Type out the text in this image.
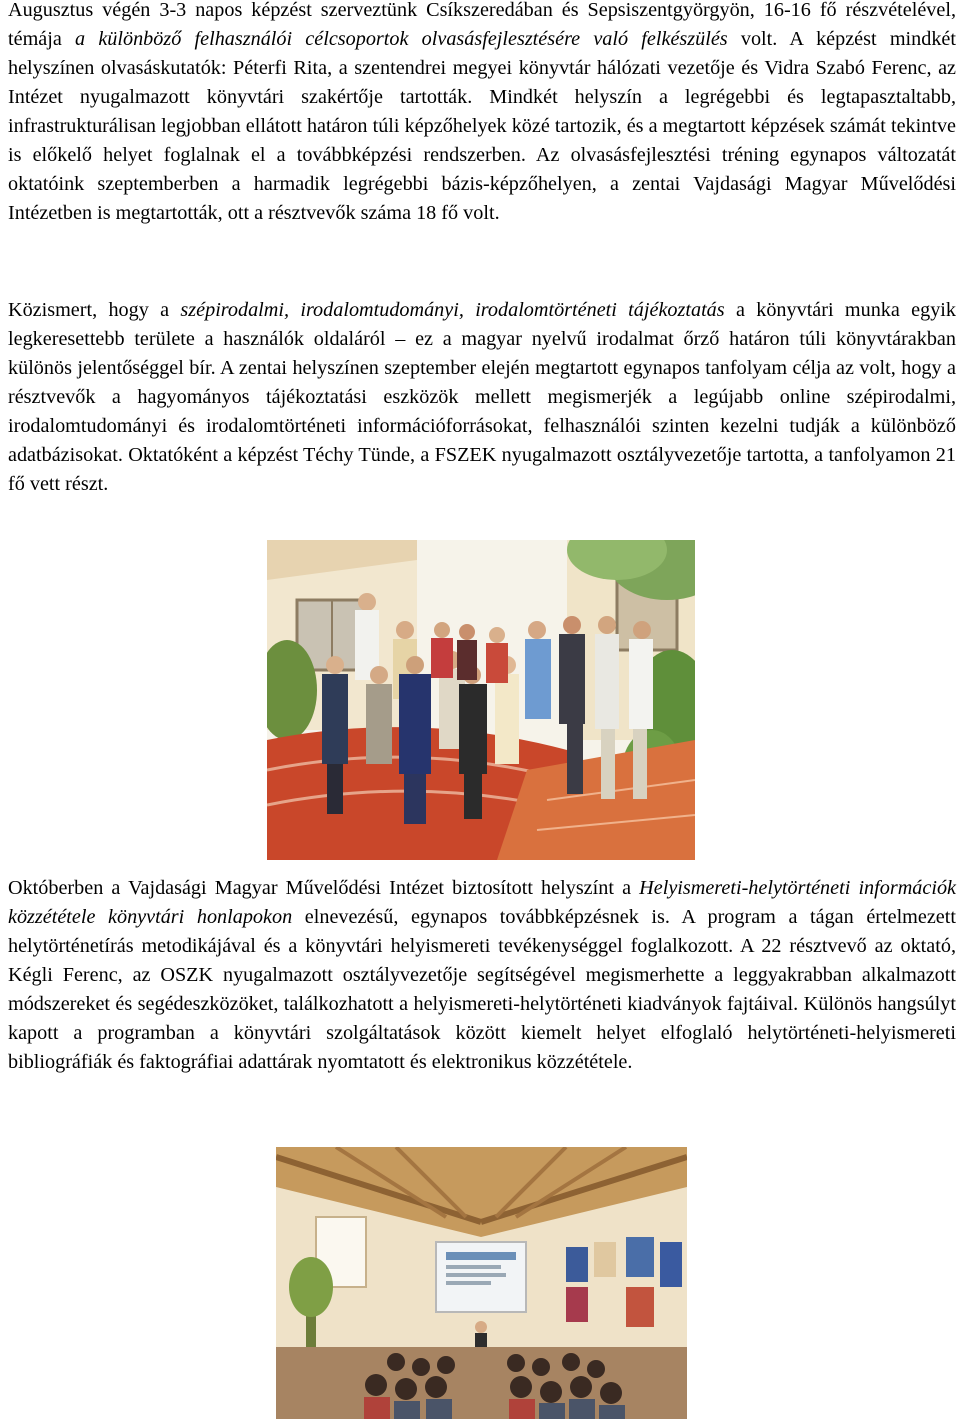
Augusztus végén 3-3 napos képzést szerveztünk Csíkszeredában és Sepsiszentgyörgyön, 16-16 fő részvételével, témája a különböző felhasználói célcsoportok olvasásfejlesztésére való felkészülés volt. A képzést mindkét helyszínen olvasáskutatók: Péterfi Rita, a szentendrei megyei könyvtár hálózati vezetője és Vidra Szabó Ferenc, az Intézet nyugalmazott könyvtári szakértője tartották. Mindkét helyszín a legrégebbi és legtapasztaltabb, infrastrukturálisan legjobban ellátott határon túli képzőhelyek közé tartozik, és a megtartott képzések számát tekintve is előkelő helyet foglalnak el a továbbképzési rendszerben. Az olvasásfejlesztési tréning egynapos változatát oktatóink szeptemberben a harmadik legrégebbi bázis-képzőhelyen, a zentai Vajdasági Magyar Művelődési Intézetben is megtartották, ott a résztvevők száma 18 fő volt.

Közismert, hogy a szépirodalmi, irodalomtudományi, irodalomtörténeti tájékoztatás a könyvtári munka egyik legkeresettebb területe a használók oldaláról – ez a magyar nyelvű irodalmat őrző határon túli könyvtárakban különös jelentőséggel bír. A zentai helyszínen szeptember elején megtartott egynapos tanfolyam célja az volt, hogy a résztvevők a hagyományos tájékoztatási eszközök mellett megismerjék a legújabb online szépirodalmi, irodalomtudományi és irodalomtörténeti információforrásokat, felhasználói szinten kezelni tudják a különböző adatbázisokat. Oktatóként a képzést Téchy Tünde, a FSZEK nyugalmazott osztályvezetője tartotta, a tanfolyamon 21 fő vett részt.

Októberben a Vajdasági Magyar Művelődési Intézet biztosított helyszínt a Helyismereti-helytörténeti információk közzététele könyvtári honlapokon elnevezésű, egynapos továbbképzésnek is. A program a tágan értelmezett helytörténetírás metodikájával és a könyvtári helyismereti tevékenységgel foglalkozott. A 22 résztvevő az oktató, Kégli Ferenc, az OSZK nyugalmazott osztályvezetője segítségével megismerhette a leggyakrabban alkalmazott módszereket és segédeszközöket, találkozhatott a helyismereti-helytörténeti kiadványok fajtáival. Különös hangsúlyt kapott a programban a könyvtári szolgáltatások között kiemelt helyet elfoglaló helytörténeti-helyismereti bibliográfiák és faktográfiai adattárak nyomtatott és elektronikus közzététele.
